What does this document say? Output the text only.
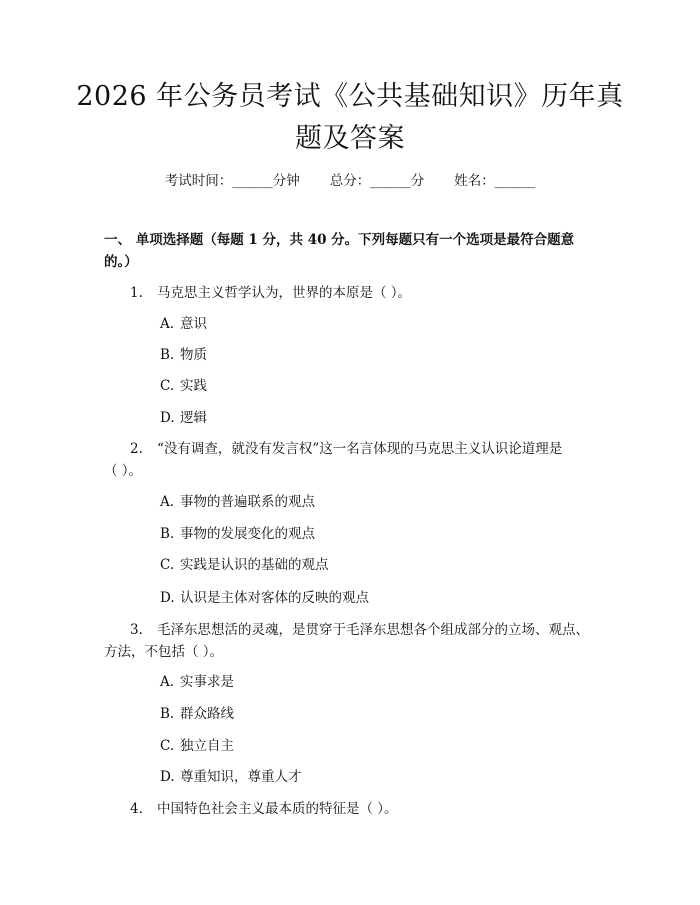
2026 年公务员考试《公共基础知识》历年真
题及答案
考试时间：______分钟 总分：______分 姓名：______
一、 单项选择题（每题 1 分，共 40 分。下列每题只有一个选项是最符合题意
的。）
1. 马克思主义哲学认为，世界的本原是（ ）。
A. 意识
B. 物质
C. 实践
D. 逻辑
2. “没有调查，就没有发言权”这一名言体现的马克思主义认识论道理是
（ ）。
A. 事物的普遍联系的观点
B. 事物的发展变化的观点
C. 实践是认识的基础的观点
D. 认识是主体对客体的反映的观点
3. 毛泽东思想活的灵魂，是贯穿于毛泽东思想各个组成部分的立场、观点、
方法，不包括（ ）。
A. 实事求是
B. 群众路线
C. 独立自主
D. 尊重知识，尊重人才
4. 中国特色社会主义最本质的特征是（ ）。
